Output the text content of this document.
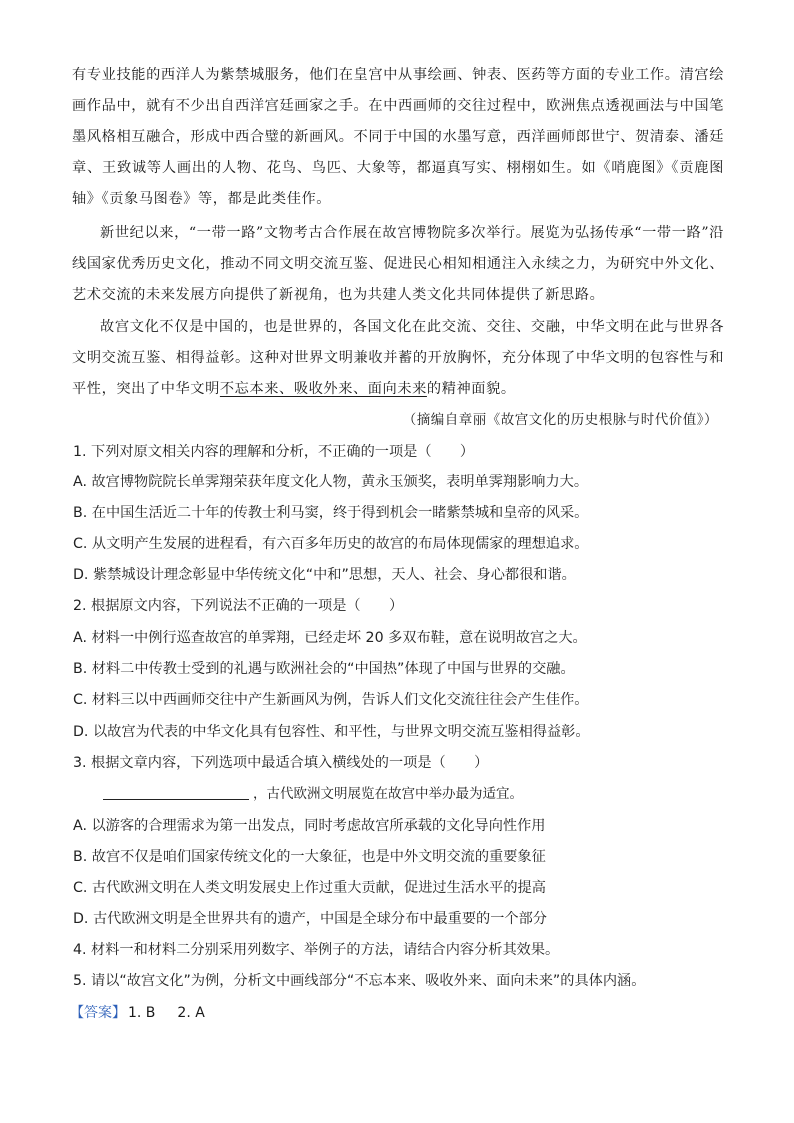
有专业技能的西洋人为紫禁城服务，他们在皇宫中从事绘画、钟表、医药等方面的专业工作。清宫绘画作品中，就有不少出自西洋宫廷画家之手。在中西画师的交往过程中，欧洲焦点透视画法与中国笔墨风格相互融合，形成中西合璧的新画风。不同于中国的水墨写意，西洋画师郎世宁、贺清泰、潘廷章、王致诚等人画出的人物、花鸟、鸟匹、大象等，都逼真写实、栩栩如生。如《哨鹿图》《贡鹿图轴》《贡象马图卷》等，都是此类佳作。

新世纪以来，“一带一路”文物考古合作展在故宫博物院多次举行。展览为弘扬传承“一带一路”沿线国家优秀历史文化，推动不同文明交流互鉴、促进民心相知相通注入永续之力，为研究中外文化、艺术交流的未来发展方向提供了新视角，也为共建人类文化共同体提供了新思路。

故宫文化不仅是中国的，也是世界的，各国文化在此交流、交往、交融，中华文明在此与世界各文明交流互鉴、相得益彰。这种对世界文明兼收并蓄的开放胸怀，充分体现了中华文明的包容性与和平性，突出了中华文明不忘本来、吸收外来、面向未来的精神面貌。

（摘编自章丽《故宫文化的历史根脉与时代价值》）
1. 下列对原文相关内容的理解和分析，不正确的一项是（　　）
A. 故宫博物院院长单霁翔荣获年度文化人物，黄永玉颁奖，表明单霁翔影响力大。
B. 在中国生活近二十年的传教士利马窦，终于得到机会一睹紫禁城和皇帝的风采。
C. 从文明产生发展的进程看，有六百多年历史的故宫的布局体现儒家的理想追求。
D. 紫禁城设计理念彰显中华传统文化“中和”思想，天人、社会、身心都很和谐。
2. 根据原文内容，下列说法不正确的一项是（　　）
A. 材料一中例行巡查故宫的单霁翔，已经走坏 20 多双布鞋，意在说明故宫之大。
B. 材料二中传教士受到的礼遇与欧洲社会的“中国热”体现了中国与世界的交融。
C. 材料三以中西画师交往中产生新画风为例，告诉人们文化交流往往会产生佳作。
D. 以故宫为代表的中华文化具有包容性、和平性，与世界文明交流互鉴相得益彰。
3. 根据文章内容，下列选项中最适合填入横线处的一项是（　　）
，古代欧洲文明展览在故宫中举办最为适宜。
A. 以游客的合理需求为第一出发点，同时考虑故宫所承载的文化导向性作用
B. 故宫不仅是咱们国家传统文化的一大象征，也是中外文明交流的重要象征
C. 古代欧洲文明在人类文明发展史上作过重大贡献，促进过生活水平的提高
D. 古代欧洲文明是全世界共有的遗产，中国是全球分布中最重要的一个部分
4. 材料一和材料二分别采用列数字、举例子的方法，请结合内容分析其效果。
5. 请以“故宫文化”为例，分析文中画线部分“不忘本来、吸收外来、面向未来”的具体内涵。
【答案】 1. B 2. A
